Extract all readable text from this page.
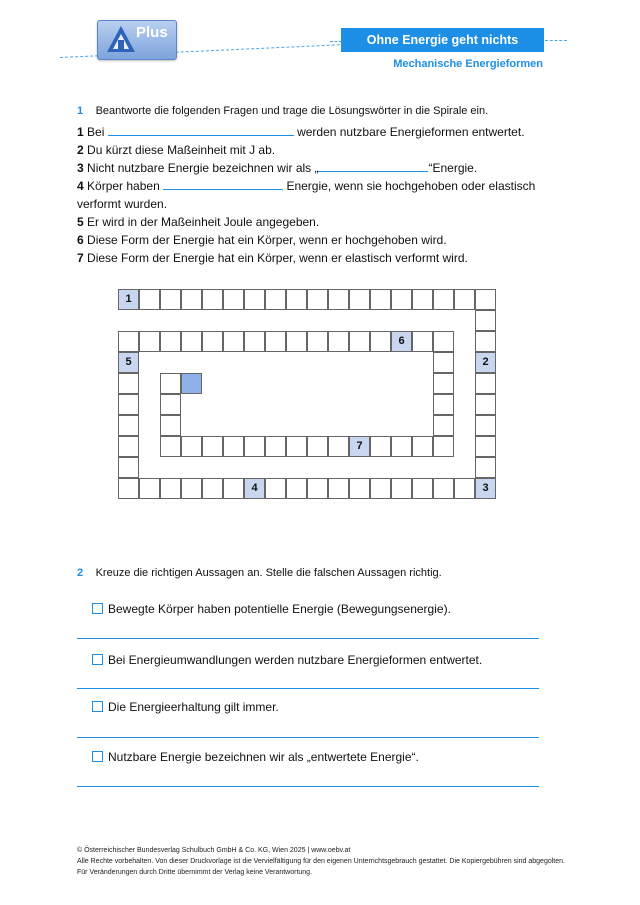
Plus	Ohne Energie geht nichts
Mechanische Energieformen
1 Beantworte die folgenden Fragen und trage die Lösungswörter in die Spirale ein.
1 Bei	werden nutzbare Energieformen entwertet.
2 Du kürzt diese Maßeinheit mit J ab.
3 Nicht nutzbare Energie bezeichnen wir als „	“Energie.
4 Körper haben	Energie, wenn sie hochgehoben oder elastisch
verformt wurden.
5 Er wird in der Maßeinheit Joule angegeben.
6 Diese Form der Energie hat ein Körper, wenn er hochgehoben wird.
7 Diese Form der Energie hat ein Körper, wenn er elastisch verformt wird.
1
2
3
4
5
6
7
2 Kreuze die richtigen Aussagen an. Stelle die falschen Aussagen richtig.
Bewegte Körper haben potentielle Energie (Bewegungsenergie).
Bei Energieumwandlungen werden nutzbare Energieformen entwertet.
Die Energieerhaltung gilt immer.
Nutzbare Energie bezeichnen wir als „entwertete Energie“.
© Österreichischer Bundesverlag Schulbuch GmbH & Co. KG, Wien 2025 | www.oebv.at
Alle Rechte vorbehalten. Von dieser Druckvorlage ist die Vervielfältigung für den eigenen Unterrichtsgebrauch gestattet. Die Kopiergebühren sind abgegolten.
Für Veränderungen durch Dritte übernimmt der Verlag keine Verantwortung.
